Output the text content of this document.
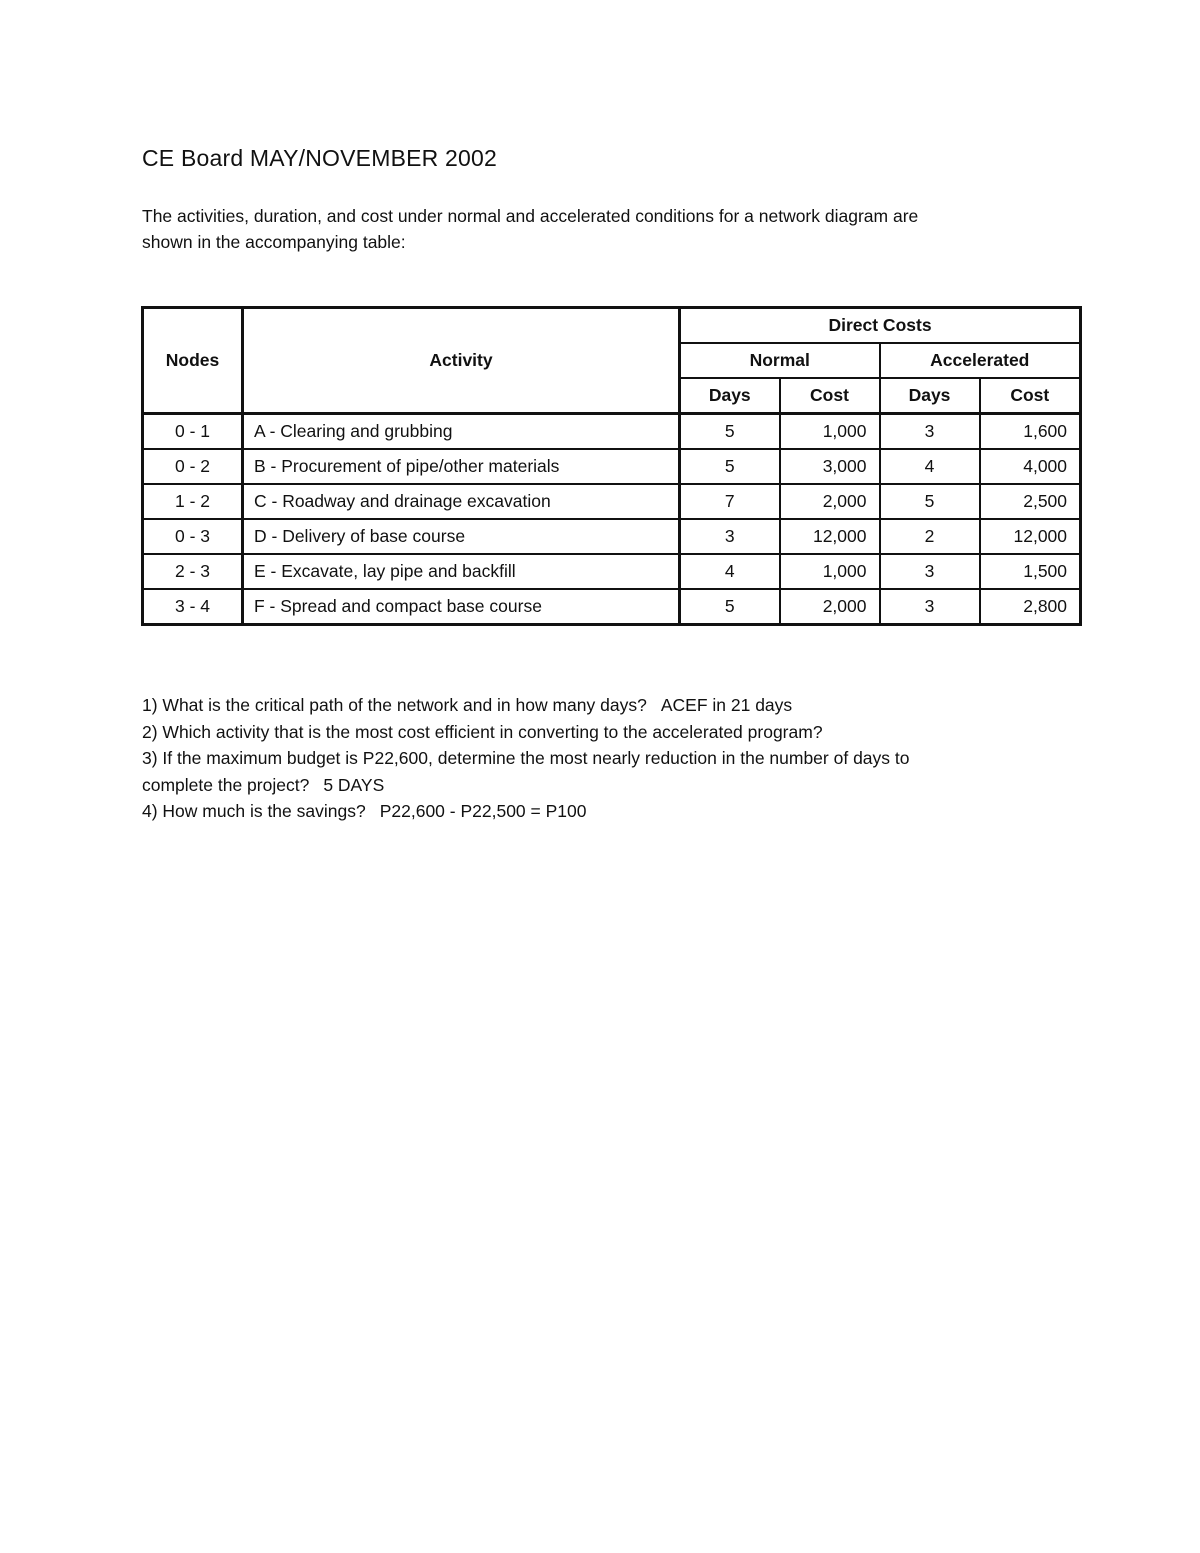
CE Board MAY/NOVEMBER 2002

The activities, duration, and cost under normal and accelerated conditions for a network diagram are

shown in the accompanying table:

Nodes	Activity	Direct Costs			
		Normal		Accelerated	
		Days	Cost	Days	Cost
0 - 1	A - Clearing and grubbing	5	1,000	3	1,600
0 - 2	B - Procurement of pipe/other materials	5	3,000	4	4,000
1 - 2	C - Roadway and drainage excavation	7	2,000	5	2,500
0 - 3	D - Delivery of base course	3	12,000	2	12,000
2 - 3	E - Excavate, lay pipe and backfill	4	1,000	3	1,500
3 - 4	F - Spread and compact base course	5	2,000	3	2,800

1) What is the critical path of the network and in how many days? ACEF in 21 days

2) Which activity that is the most cost efficient in converting to the accelerated program?

3) If the maximum budget is P22,600, determine the most nearly reduction in the number of days to

complete the project? 5 DAYS

4) How much is the savings? P22,600 - P22,500 = P100
